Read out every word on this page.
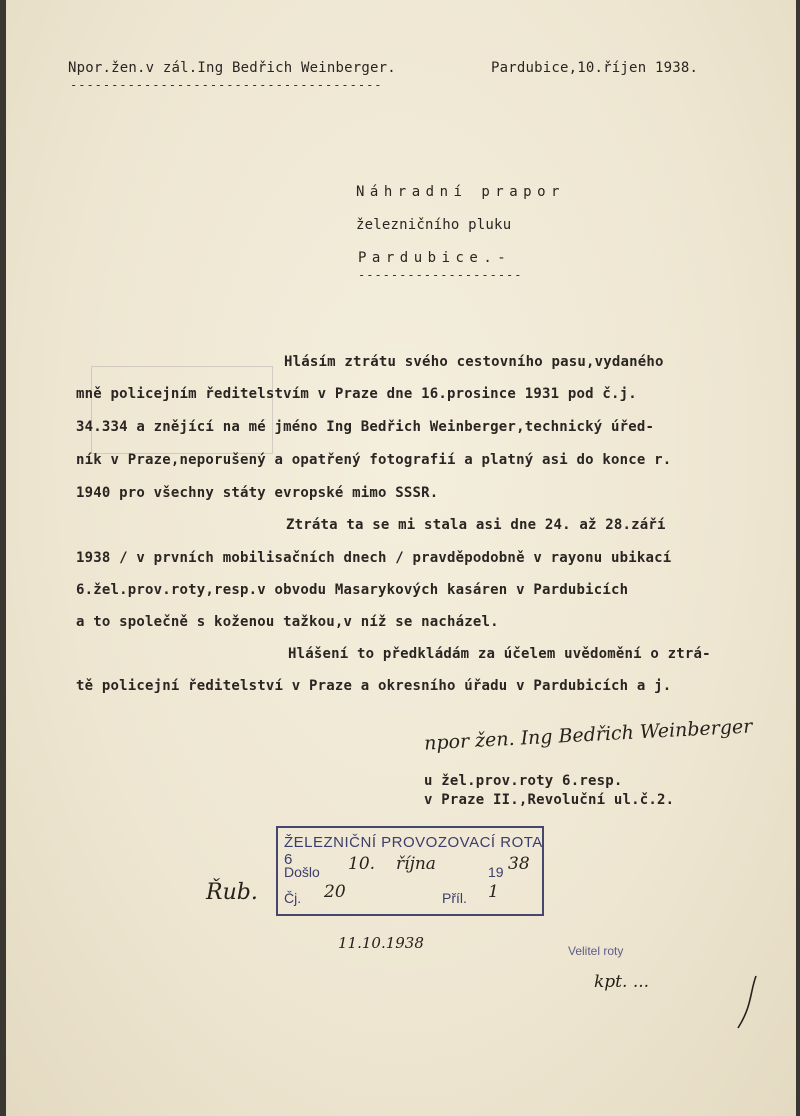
Npor.žen.v zál.Ing Bedřich Weinberger.
--------------------------------------
Pardubice,10.říjen 1938.
Náhradní prapor
železničního pluku
Pardubice.-
--------------------
Hlásím ztrátu svého cestovního pasu,vydaného
mně policejním ředitelstvím v Praze dne 16.prosince 1931 pod č.j.
34.334 a znějící na mé jméno Ing Bedřich Weinberger,technický úřed-
ník v Praze,neporušený a opatřený fotografií a platný asi do konce r.
1940 pro všechny státy evropské mimo SSSR.
Ztráta ta se mi stala asi dne 24. až 28.září
1938 / v prvních mobilisačních dnech / pravděpodobně v rayonu ubikací
6.žel.prov.roty,resp.v obvodu Masarykových kasáren v Pardubicích
a to společně s koženou tažkou,v níž se nacházel.
Hlášení to předkládám za účelem uvědomění o ztrá-
tě policejní ředitelství v Praze a okresního úřadu v Pardubicích a j.
npor žen. Ing Bedřich Weinberger
u žel.prov.roty 6.resp.
v Praze II.,Revoluční ul.č.2.
ŽELEZNIČNÍ PROVOZOVACÍ ROTA 6
Došlo 10. října	19 38
Čj. 20	Příl. 1
Řub.
11.10.1938	Velitel roty
kpt. ...
